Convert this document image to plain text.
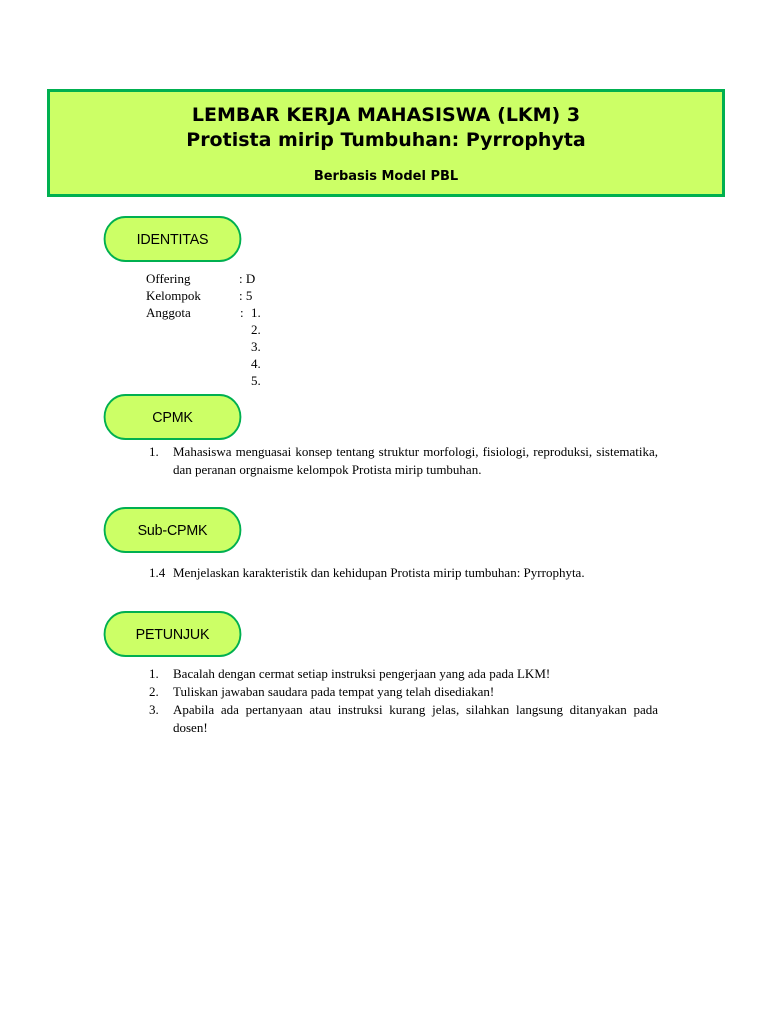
LEMBAR KERJA MAHASISWA (LKM) 3
Protista mirip Tumbuhan: Pyrrophyta
Berbasis Model PBL
IDENTITAS
Offering	: D
Kelompok	: 5
Anggota	: 1.
2.
3.
4.
5.
CPMK
1. Mahasiswa menguasai konsep tentang struktur morfologi, fisiologi, reproduksi, sistematika, dan peranan orgnaisme kelompok Protista mirip tumbuhan.
Sub-CPMK
1.4 Menjelaskan karakteristik dan kehidupan Protista mirip tumbuhan: Pyrrophyta.
PETUNJUK
1. Bacalah dengan cermat setiap instruksi pengerjaan yang ada pada LKM!
2. Tuliskan jawaban saudara pada tempat yang telah disediakan!
3. Apabila ada pertanyaan atau instruksi kurang jelas, silahkan langsung ditanyakan pada dosen!
